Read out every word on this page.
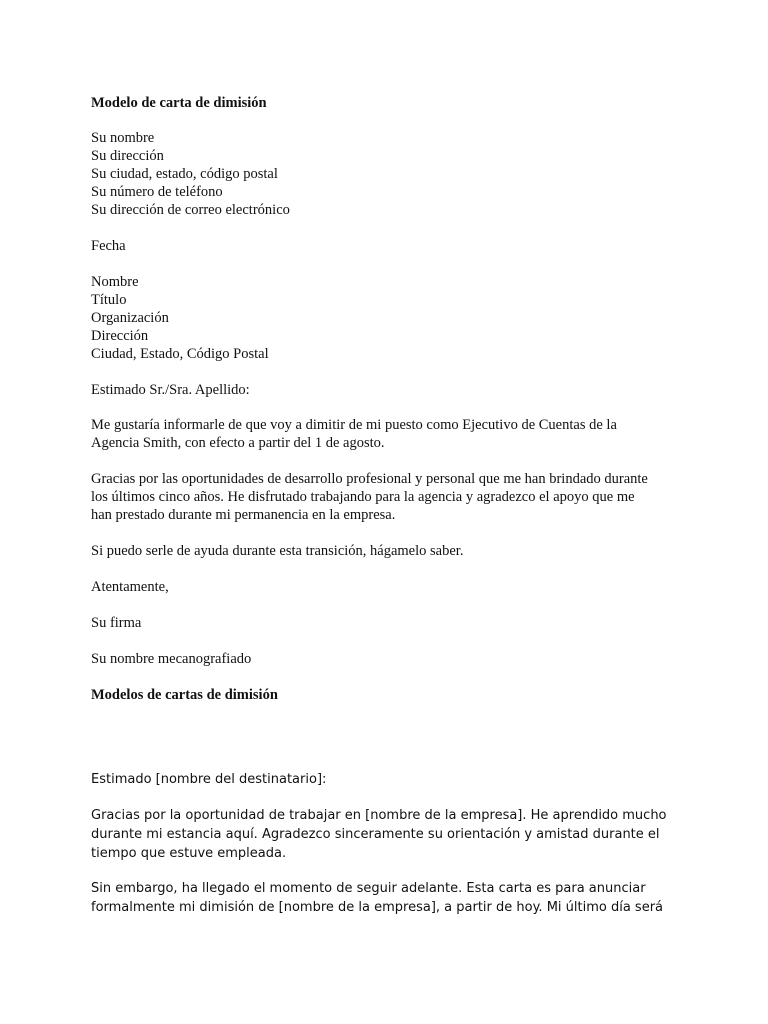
Modelo de carta de dimisión

Su nombre

Su dirección

Su ciudad, estado, código postal

Su número de teléfono

Su dirección de correo electrónico

Fecha

Nombre

Título

Organización

Dirección

Ciudad, Estado, Código Postal

Estimado Sr./Sra. Apellido:

Me gustaría informarle de que voy a dimitir de mi puesto como Ejecutivo de Cuentas de la

Agencia Smith, con efecto a partir del 1 de agosto.

Gracias por las oportunidades de desarrollo profesional y personal que me han brindado durante

los últimos cinco años. He disfrutado trabajando para la agencia y agradezco el apoyo que me

han prestado durante mi permanencia en la empresa.

Si puedo serle de ayuda durante esta transición, hágamelo saber.

Atentamente,

Su firma

Su nombre mecanografiado

Modelos de cartas de dimisión

Estimado [nombre del destinatario]:

Gracias por la oportunidad de trabajar en [nombre de la empresa]. He aprendido mucho

durante mi estancia aquí. Agradezco sinceramente su orientación y amistad durante el

tiempo que estuve empleada.

Sin embargo, ha llegado el momento de seguir adelante. Esta carta es para anunciar

formalmente mi dimisión de [nombre de la empresa], a partir de hoy. Mi último día será
